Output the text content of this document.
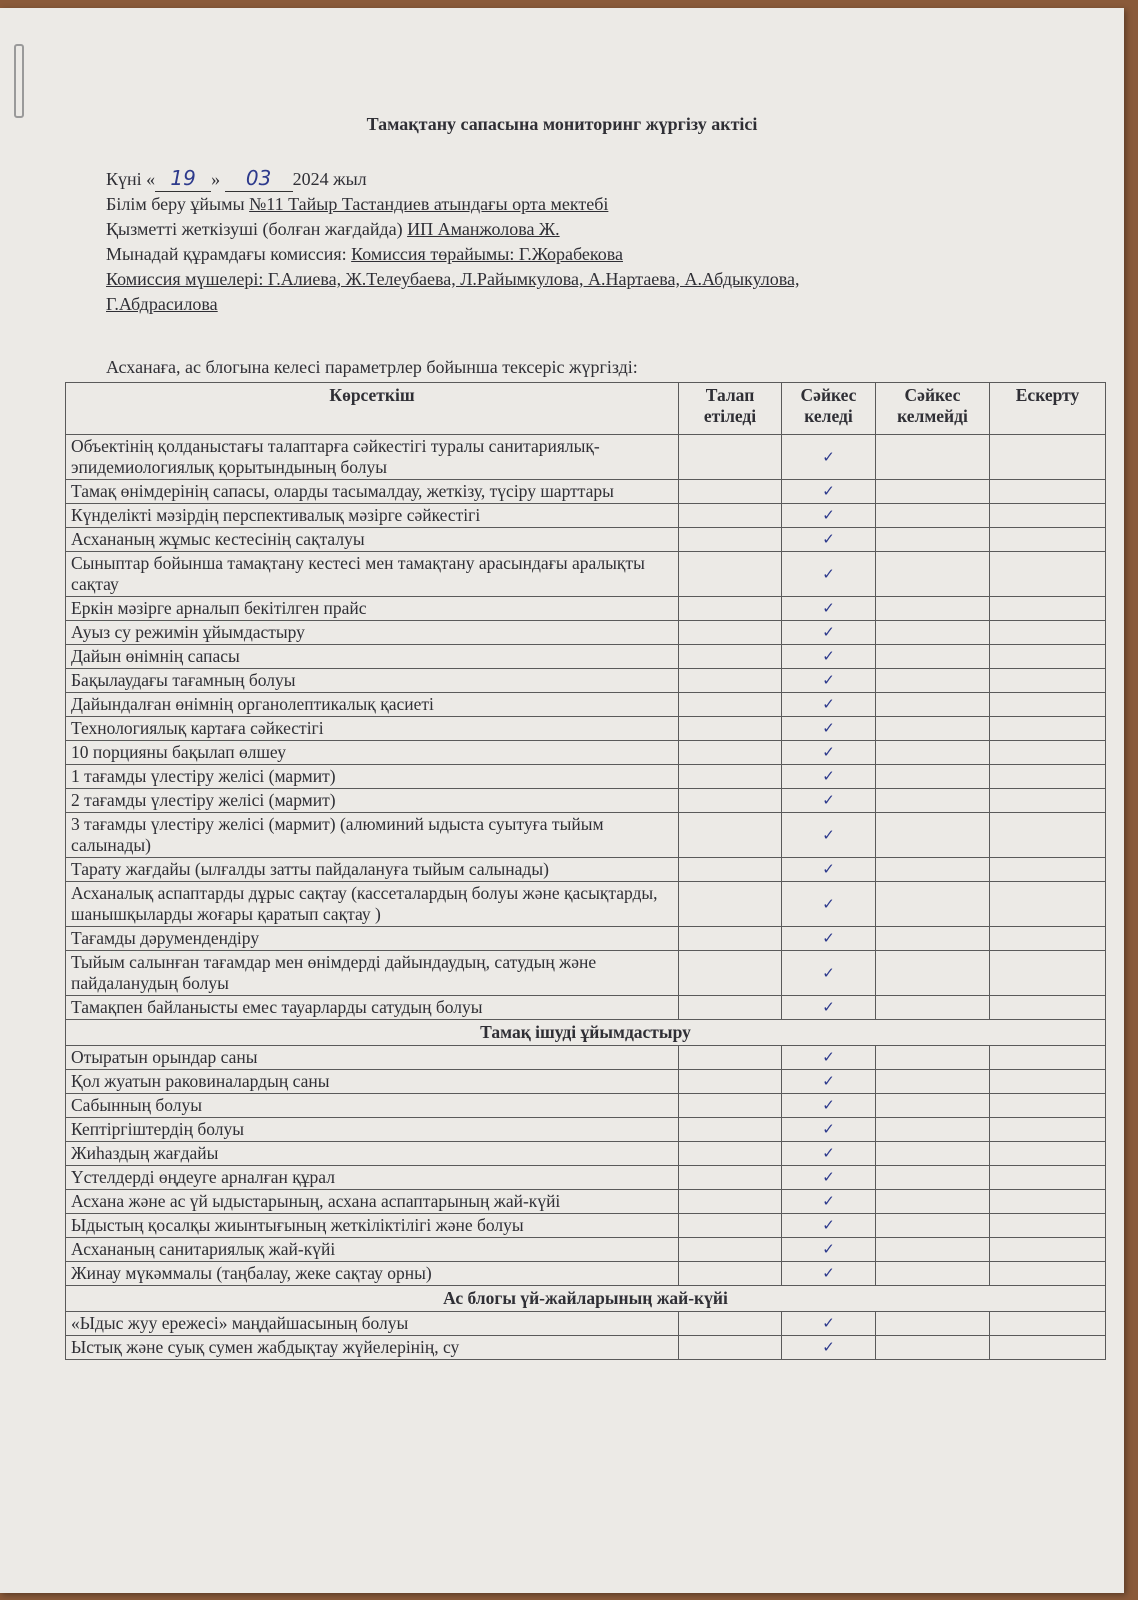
Тамақтану сапасына мониторинг жүргізу актісі
Күні « 19 » 03 2024 жыл
Білім беру ұйымы №11 Тайыр Тастандиев атындағы орта мектебі
Қызметті жеткізуші (болған жағдайда) ИП Аманжолова Ж.
Мынадай құрамдағы комиссия: Комиссия төрайымы: Г.Жорабекова
Комиссия мүшелері: Г.Алиева, Ж.Телеубаева, Л.Райымкулова, А.Нартаева, А.Абдыкулова,
Г.Абдрасилова
Асханаға, ас блогына келесі параметрлер бойынша тексеріс жүргізді:
Көрсеткіш	Талап етіледі	Сәйкес келеді	Сәйкес келмейді	Ескерту
Объектінің қолданыстағы талаптарға сәйкестігі туралы санитариялық-эпидемиологиялық қорытындының болуы		✓		
Тамақ өнімдерінің сапасы, оларды тасымалдау, жеткізу, түсіру шарттары		✓		
Күнделікті мәзірдің перспективалық мәзірге сәйкестігі		✓		
Асхананың жұмыс кестесінің сақталуы		✓		
Сыныптар бойынша тамақтану кестесі мен тамақтану арасындағы аралықты сақтау		✓		
Еркін мәзірге арналып бекітілген прайс		✓		
Ауыз су режимін ұйымдастыру		✓		
Дайын өнімнің сапасы		✓		
Бақылаудағы тағамның болуы		✓		
Дайындалған өнімнің органолептикалық қасиеті		✓		
Технологиялық картаға сәйкестігі		✓		
10 порцияны бақылап өлшеу		✓		
1 тағамды үлестіру желісі (мармит)		✓		
2 тағамды үлестіру желісі (мармит)		✓		
3 тағамды үлестіру желісі (мармит) (алюминий ыдыста суытуға тыйым салынады)		✓		
Тарату жағдайы (ылғалды затты пайдалануға тыйым салынады)		✓		
Асханалық аспаптарды дұрыс сақтау (кассеталардың болуы және қасықтарды, шанышқыларды жоғары қаратып сақтау )		✓		
Тағамды дәрумендендіру		✓		
Тыйым салынған тағамдар мен өнімдерді дайындаудың, сатудың және пайдаланудың болуы		✓		
Тамақпен байланысты емес тауарларды сатудың болуы		✓		
Тамақ ішуді ұйымдастыру				
Отыратын орындар саны		✓		
Қол жуатын раковиналардың саны		✓		
Сабынның болуы		✓		
Кептіргіштердің болуы		✓		
Жиһаздың жағдайы		✓		
Үстелдерді өңдеуге арналған құрал		✓		
Асхана және ас үй ыдыстарының, асхана аспаптарының жай-күйі		✓		
Ыдыстың қосалқы жиынтығының жеткіліктілігі және болуы		✓		
Асхананың санитариялық жай-күйі		✓		
Жинау мүкәммалы (таңбалау, жеке сақтау орны)		✓		
Ас блогы үй-жайларының жай-күйі				
«Ыдыс жуу ережесі» маңдайшасының болуы		✓		
Ыстық және суық сумен жабдықтау жүйелерінің, су		✓		
